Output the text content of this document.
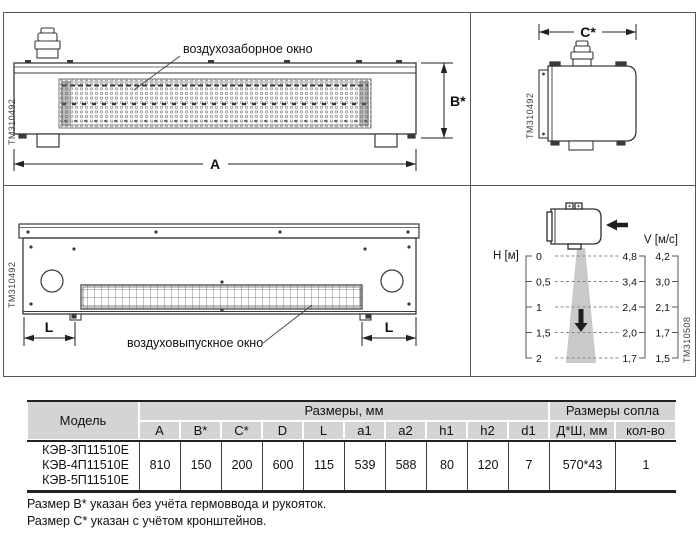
TM310492
воздухозаборное окно
B*
A
C*
TM310492
TM310492
L	L
воздуховыпускное окно
H [м]
V [м/с]
0
0,5
1
1,5
2
4,8
3,4
2,4
2,0
1,7
4,2
3,0
2,1
1,7
1,5 TM310508
Модель
Размеры, мм	Размеры сопла
A	B*	C*	D	L	a1	a2	h1	h2	d1	Д*Ш, мм	кол-во
КЭВ-3П11510Е
КЭВ-4П11510Е
КЭВ-5П11510Е
810	150	200	600	115	539	588	80	120	7	570*43	1
Размер B* указан без учёта гермоввода и рукояток.
Размер C* указан с учётом кронштейнов.
